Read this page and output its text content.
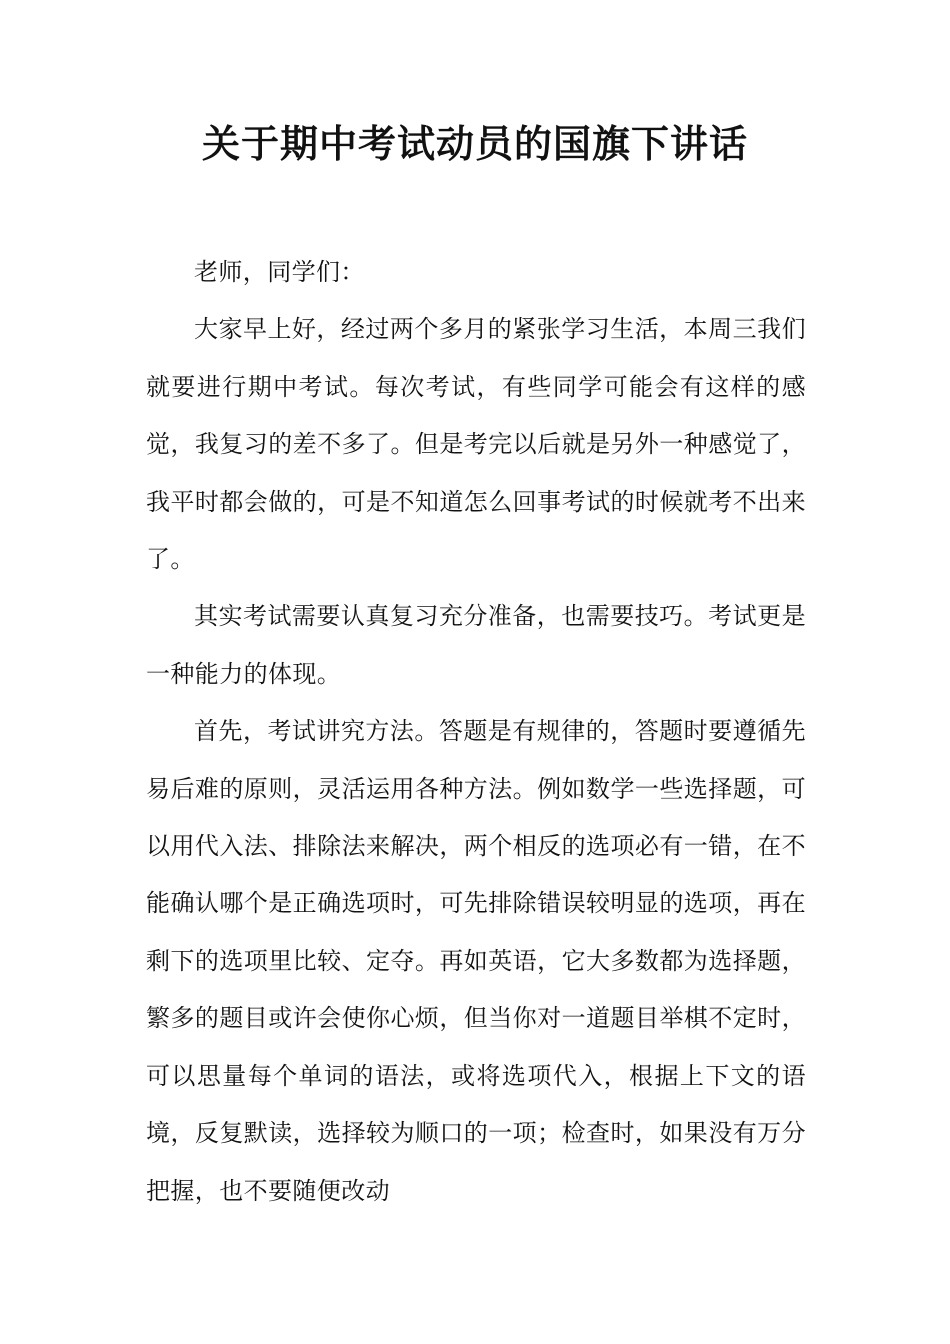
关于期中考试动员的国旗下讲话

老师，同学们：

大家早上好，经过两个多月的紧张学习生活，本周三我们就要进行期中考试。每次考试，有些同学可能会有这样的感觉，我复习的差不多了。但是考完以后就是另外一种感觉了，我平时都会做的，可是不知道怎么回事考试的时候就考不出来了。

其实考试需要认真复习充分准备，也需要技巧。考试更是一种能力的体现。

首先，考试讲究方法。答题是有规律的，答题时要遵循先易后难的原则，灵活运用各种方法。例如数学一些选择题，可以用代入法、排除法来解决，两个相反的选项必有一错，在不能确认哪个是正确选项时，可先排除错误较明显的选项，再在剩下的选项里比较、定夺。再如英语，它大多数都为选择题，繁多的题目或许会使你心烦，但当你对一道题目举棋不定时，可以思量每个单词的语法，或将选项代入，根据上下文的语境，反复默读，选择较为顺口的一项；检查时，如果没有万分把握，也不要随便改动
